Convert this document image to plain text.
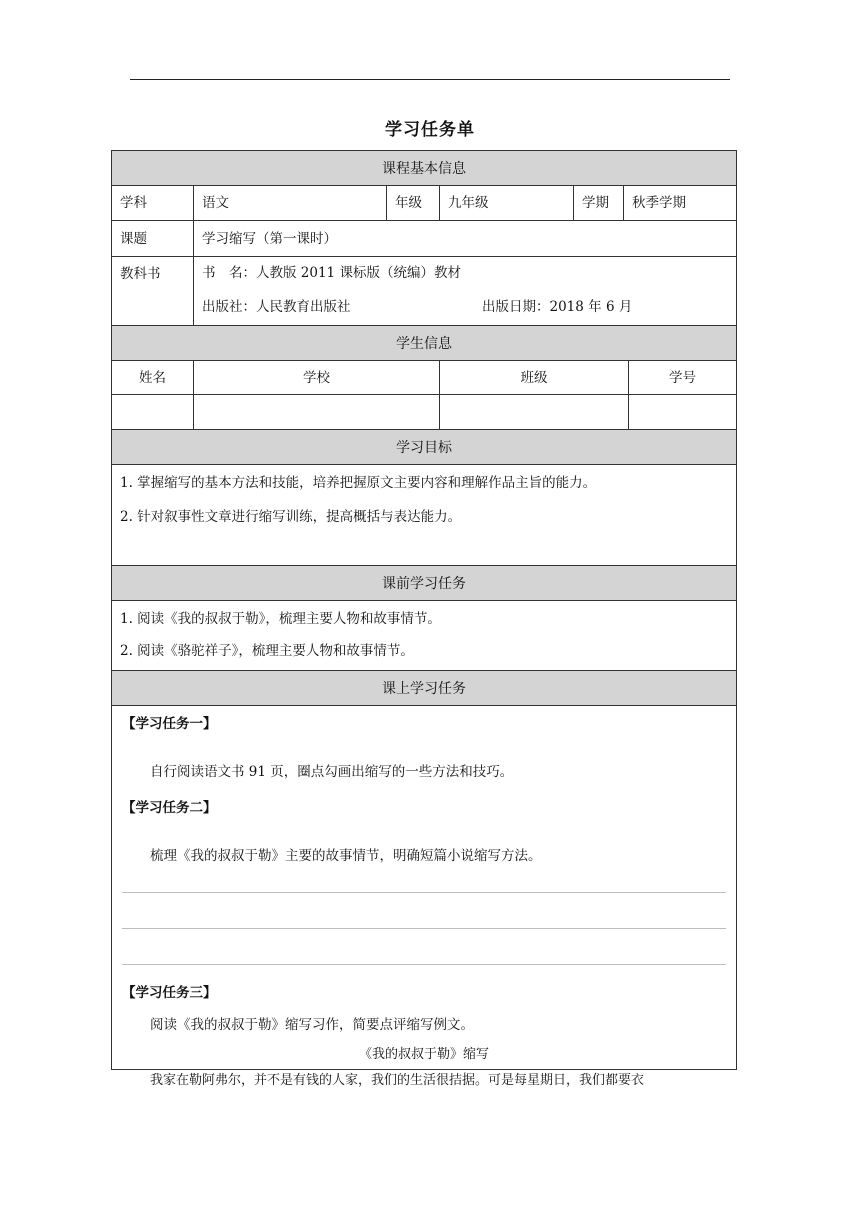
学习任务单
课程基本信息
学科	语文	年级	九年级	学期	秋季学期
课题	学习缩写（第一课时）
教科书	书　名：人教版 2011 课标版（统编）教材
出版社：人民教育出版社	出版日期：2018 年 6 月
学生信息
姓名	学校	班级	学号
学习目标

1. 掌握缩写的基本方法和技能，培养把握原文主要内容和理解作品主旨的能力。

2. 针对叙事性文章进行缩写训练，提高概括与表达能力。

课前学习任务

1. 阅读《我的叔叔于勒》，梳理主要人物和故事情节。

2. 阅读《骆驼祥子》，梳理主要人物和故事情节。

课上学习任务

【学习任务一】

自行阅读语文书 91 页，圈点勾画出缩写的一些方法和技巧。

【学习任务二】

梳理《我的叔叔于勒》主要的故事情节，明确短篇小说缩写方法。

【学习任务三】

阅读《我的叔叔于勒》缩写习作，简要点评缩写例文。

《我的叔叔于勒》缩写

我家在勒阿弗尔，并不是有钱的人家，我们的生活很拮据。可是每星期日，我们都要衣
